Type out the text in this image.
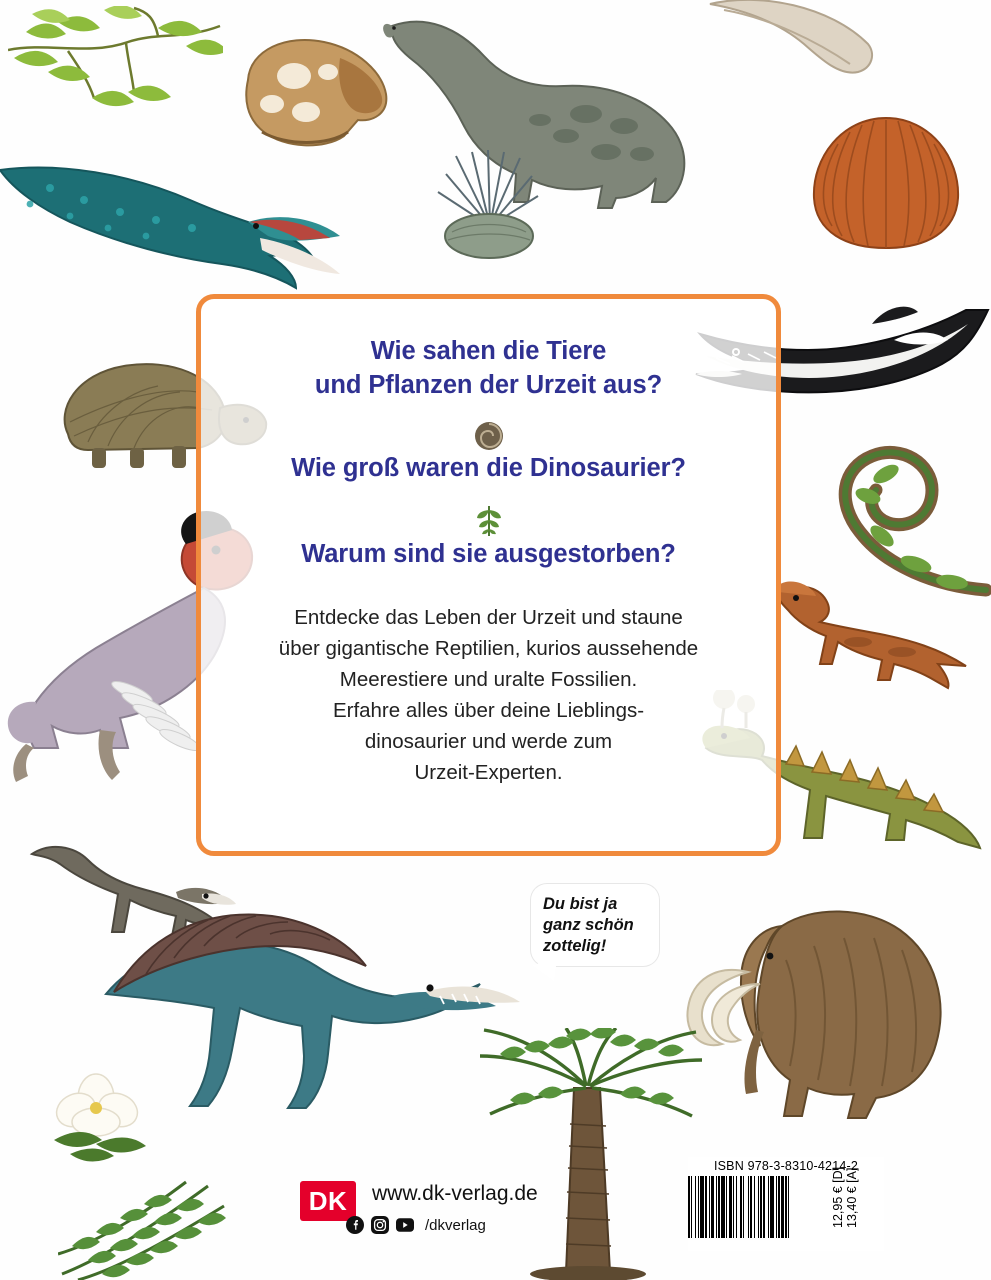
Wie sahen die Tiere
und Pflanzen der Urzeit aus?
Wie groß waren die Dinosaurier?
Warum sind sie ausgestorben?

Entdecke das Leben der Urzeit und staune

über gigantische Reptilien, kurios aussehende

Meerestiere und uralte Fossilien.

Erfahre alles über deine Lieblings-

dinosaurier und werde zum

Urzeit-Experten.

Du bist ja
ganz schön
zottelig!
DK	www.dk-verlag.de
/dkverlag
ISBN 978-3-8310-4214-2
12,95 € [D] 13,40 € [A]
